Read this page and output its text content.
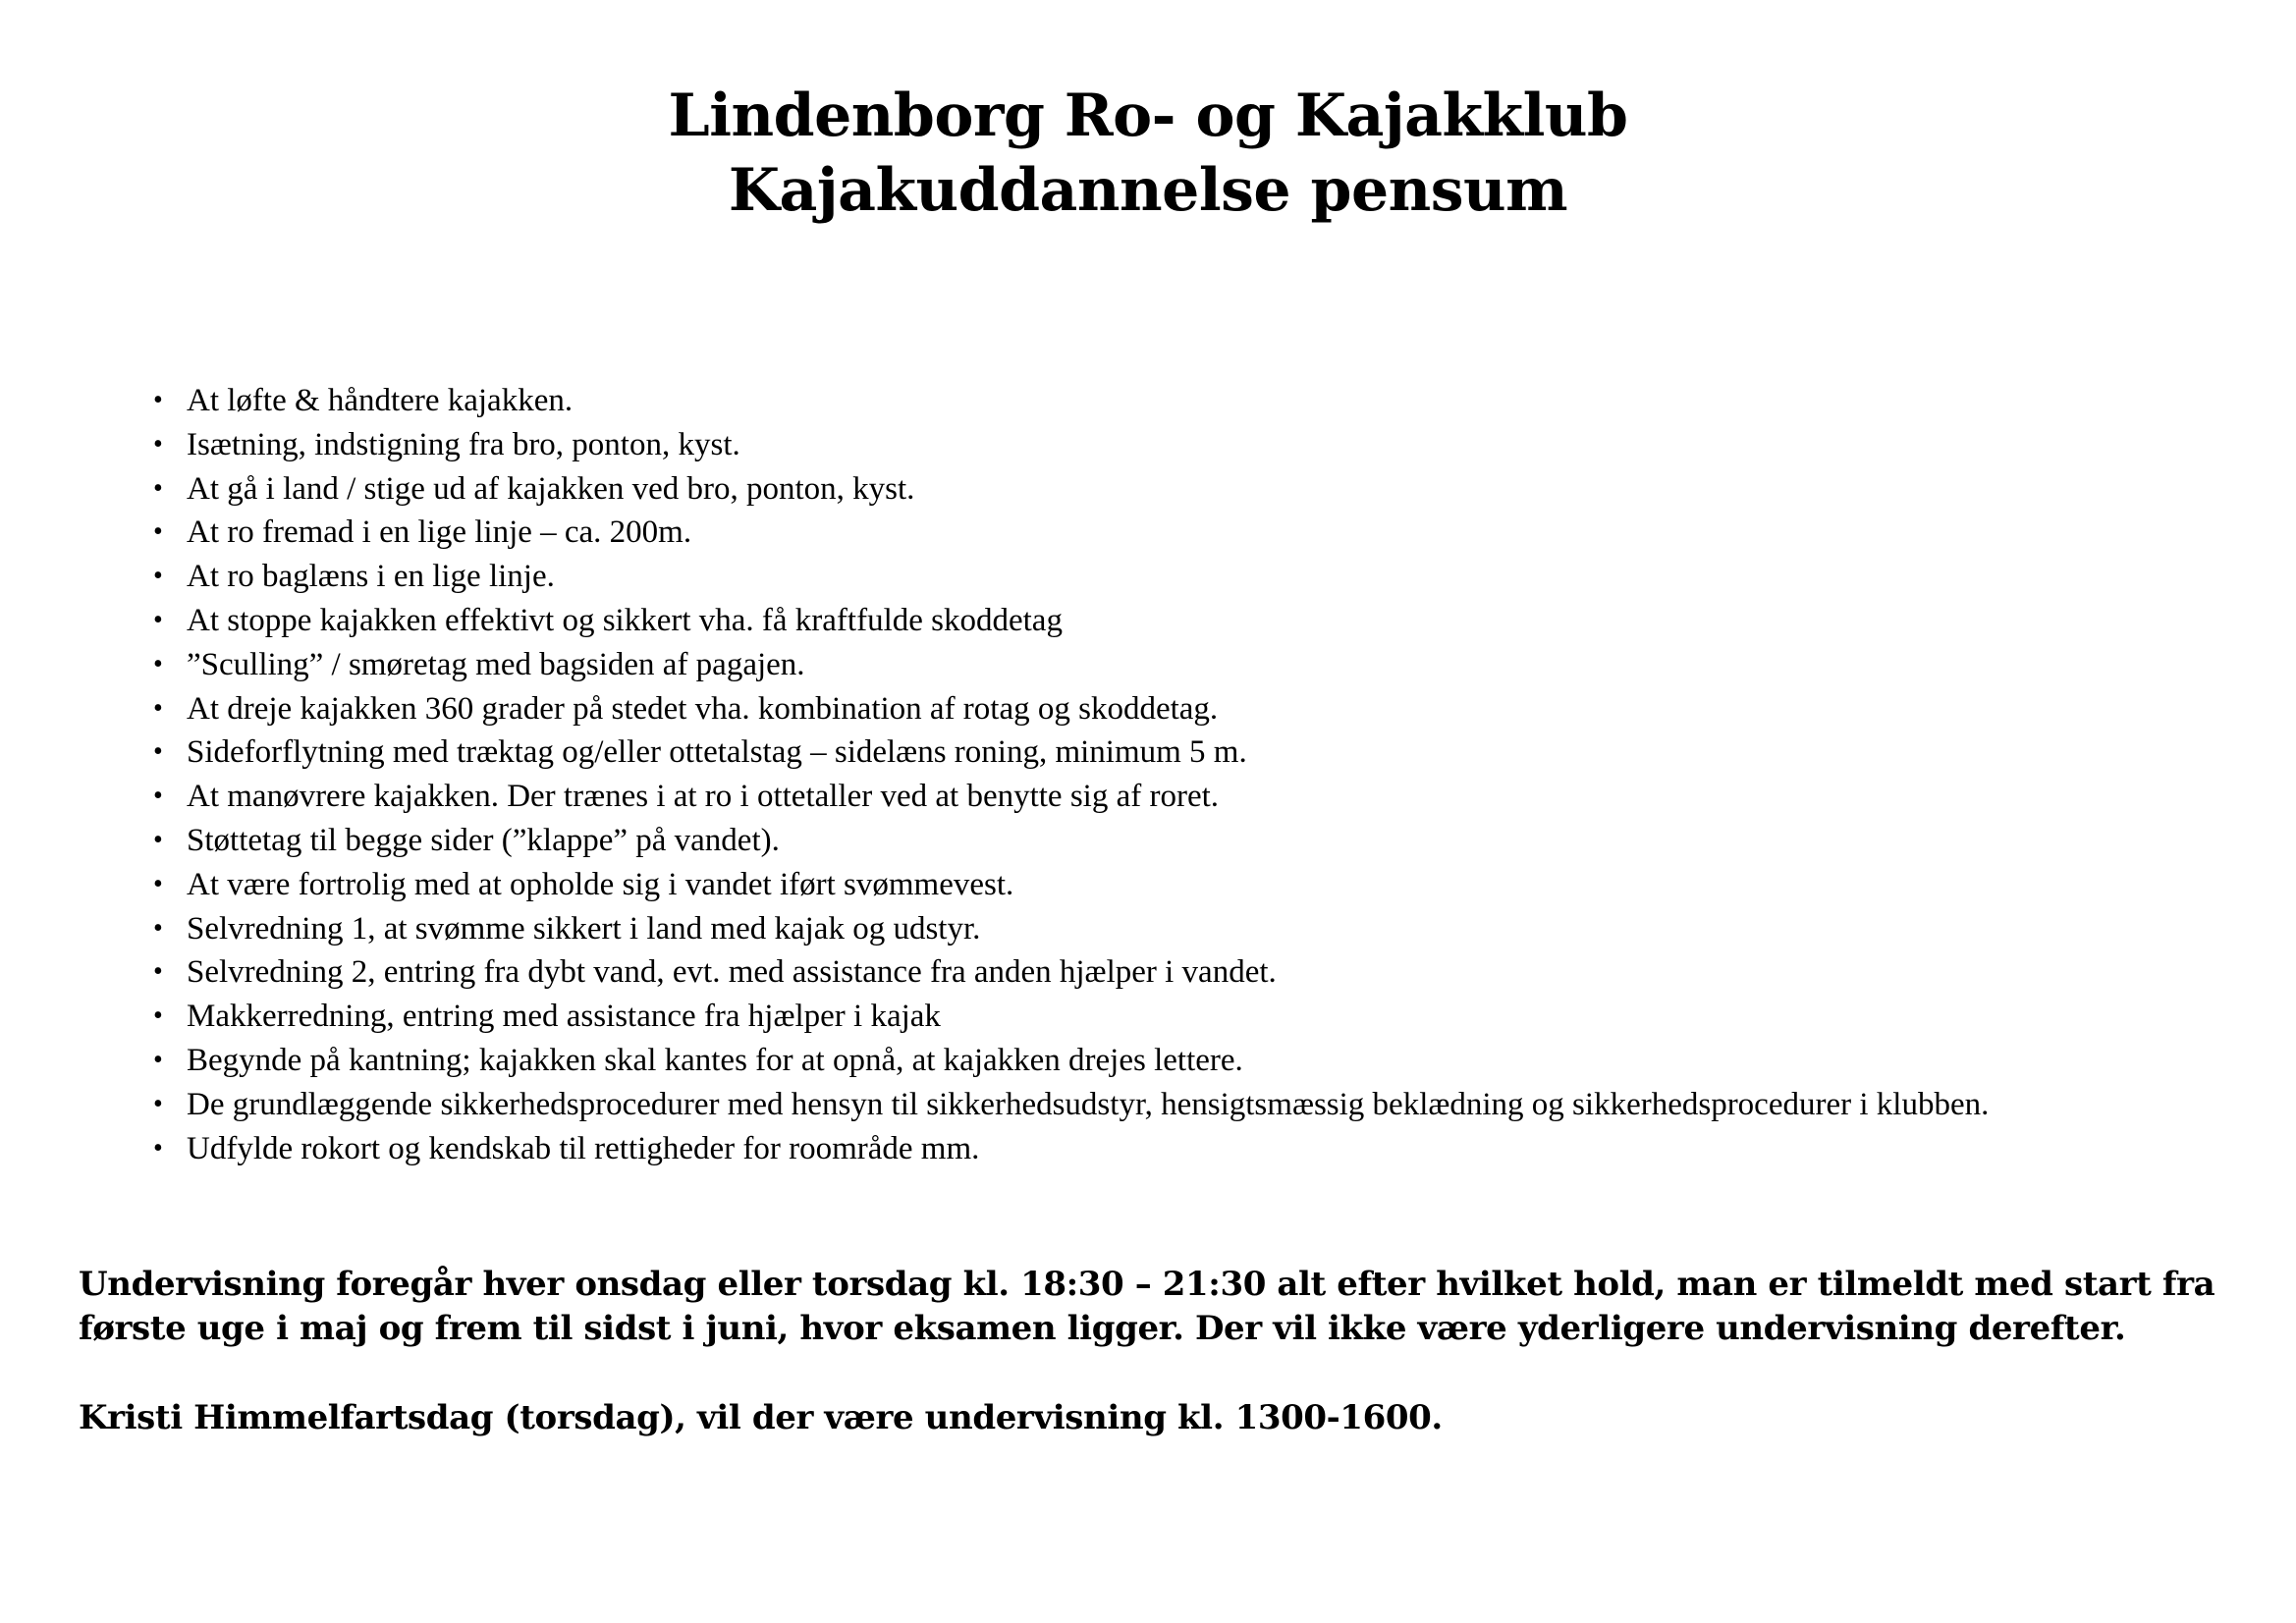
Lindenborg Ro- og Kajakklub
Kajakuddannelse pensum
• At løfte & håndtere kajakken.
• Isætning, indstigning fra bro, ponton, kyst.
• At gå i land / stige ud af kajakken ved bro, ponton, kyst.
• At ro fremad i en lige linje – ca. 200m.
• At ro baglæns i en lige linje.
• At stoppe kajakken effektivt og sikkert vha. få kraftfulde skoddetag
• ”Sculling” / smøretag med bagsiden af pagajen.
• At dreje kajakken 360 grader på stedet vha. kombination af rotag og skoddetag.
• Sideforflytning med træktag og/eller ottetalstag – sidelæns roning, minimum 5 m.
• At manøvrere kajakken. Der trænes i at ro i ottetaller ved at benytte sig af roret.
• Støttetag til begge sider (”klappe” på vandet).
• At være fortrolig med at opholde sig i vandet iført svømmevest.
• Selvredning 1, at svømme sikkert i land med kajak og udstyr.
• Selvredning 2, entring fra dybt vand, evt. med assistance fra anden hjælper i vandet.
• Makkerredning, entring med assistance fra hjælper i kajak
• Begynde på kantning; kajakken skal kantes for at opnå, at kajakken drejes lettere.
• De grundlæggende sikkerhedsprocedurer med hensyn til sikkerhedsudstyr, hensigtsmæssig beklædning og sikkerhedsprocedurer i klubben.
• Udfylde rokort og kendskab til rettigheder for roområde mm.

Undervisning foregår hver onsdag eller torsdag kl. 18:30 – 21:30 alt efter hvilket hold, man er tilmeldt med start fra første uge i maj og frem til sidst i juni, hvor eksamen ligger. Der vil ikke være yderligere undervisning derefter.

Kristi Himmelfartsdag (torsdag), vil der være undervisning kl. 1300-1600.
